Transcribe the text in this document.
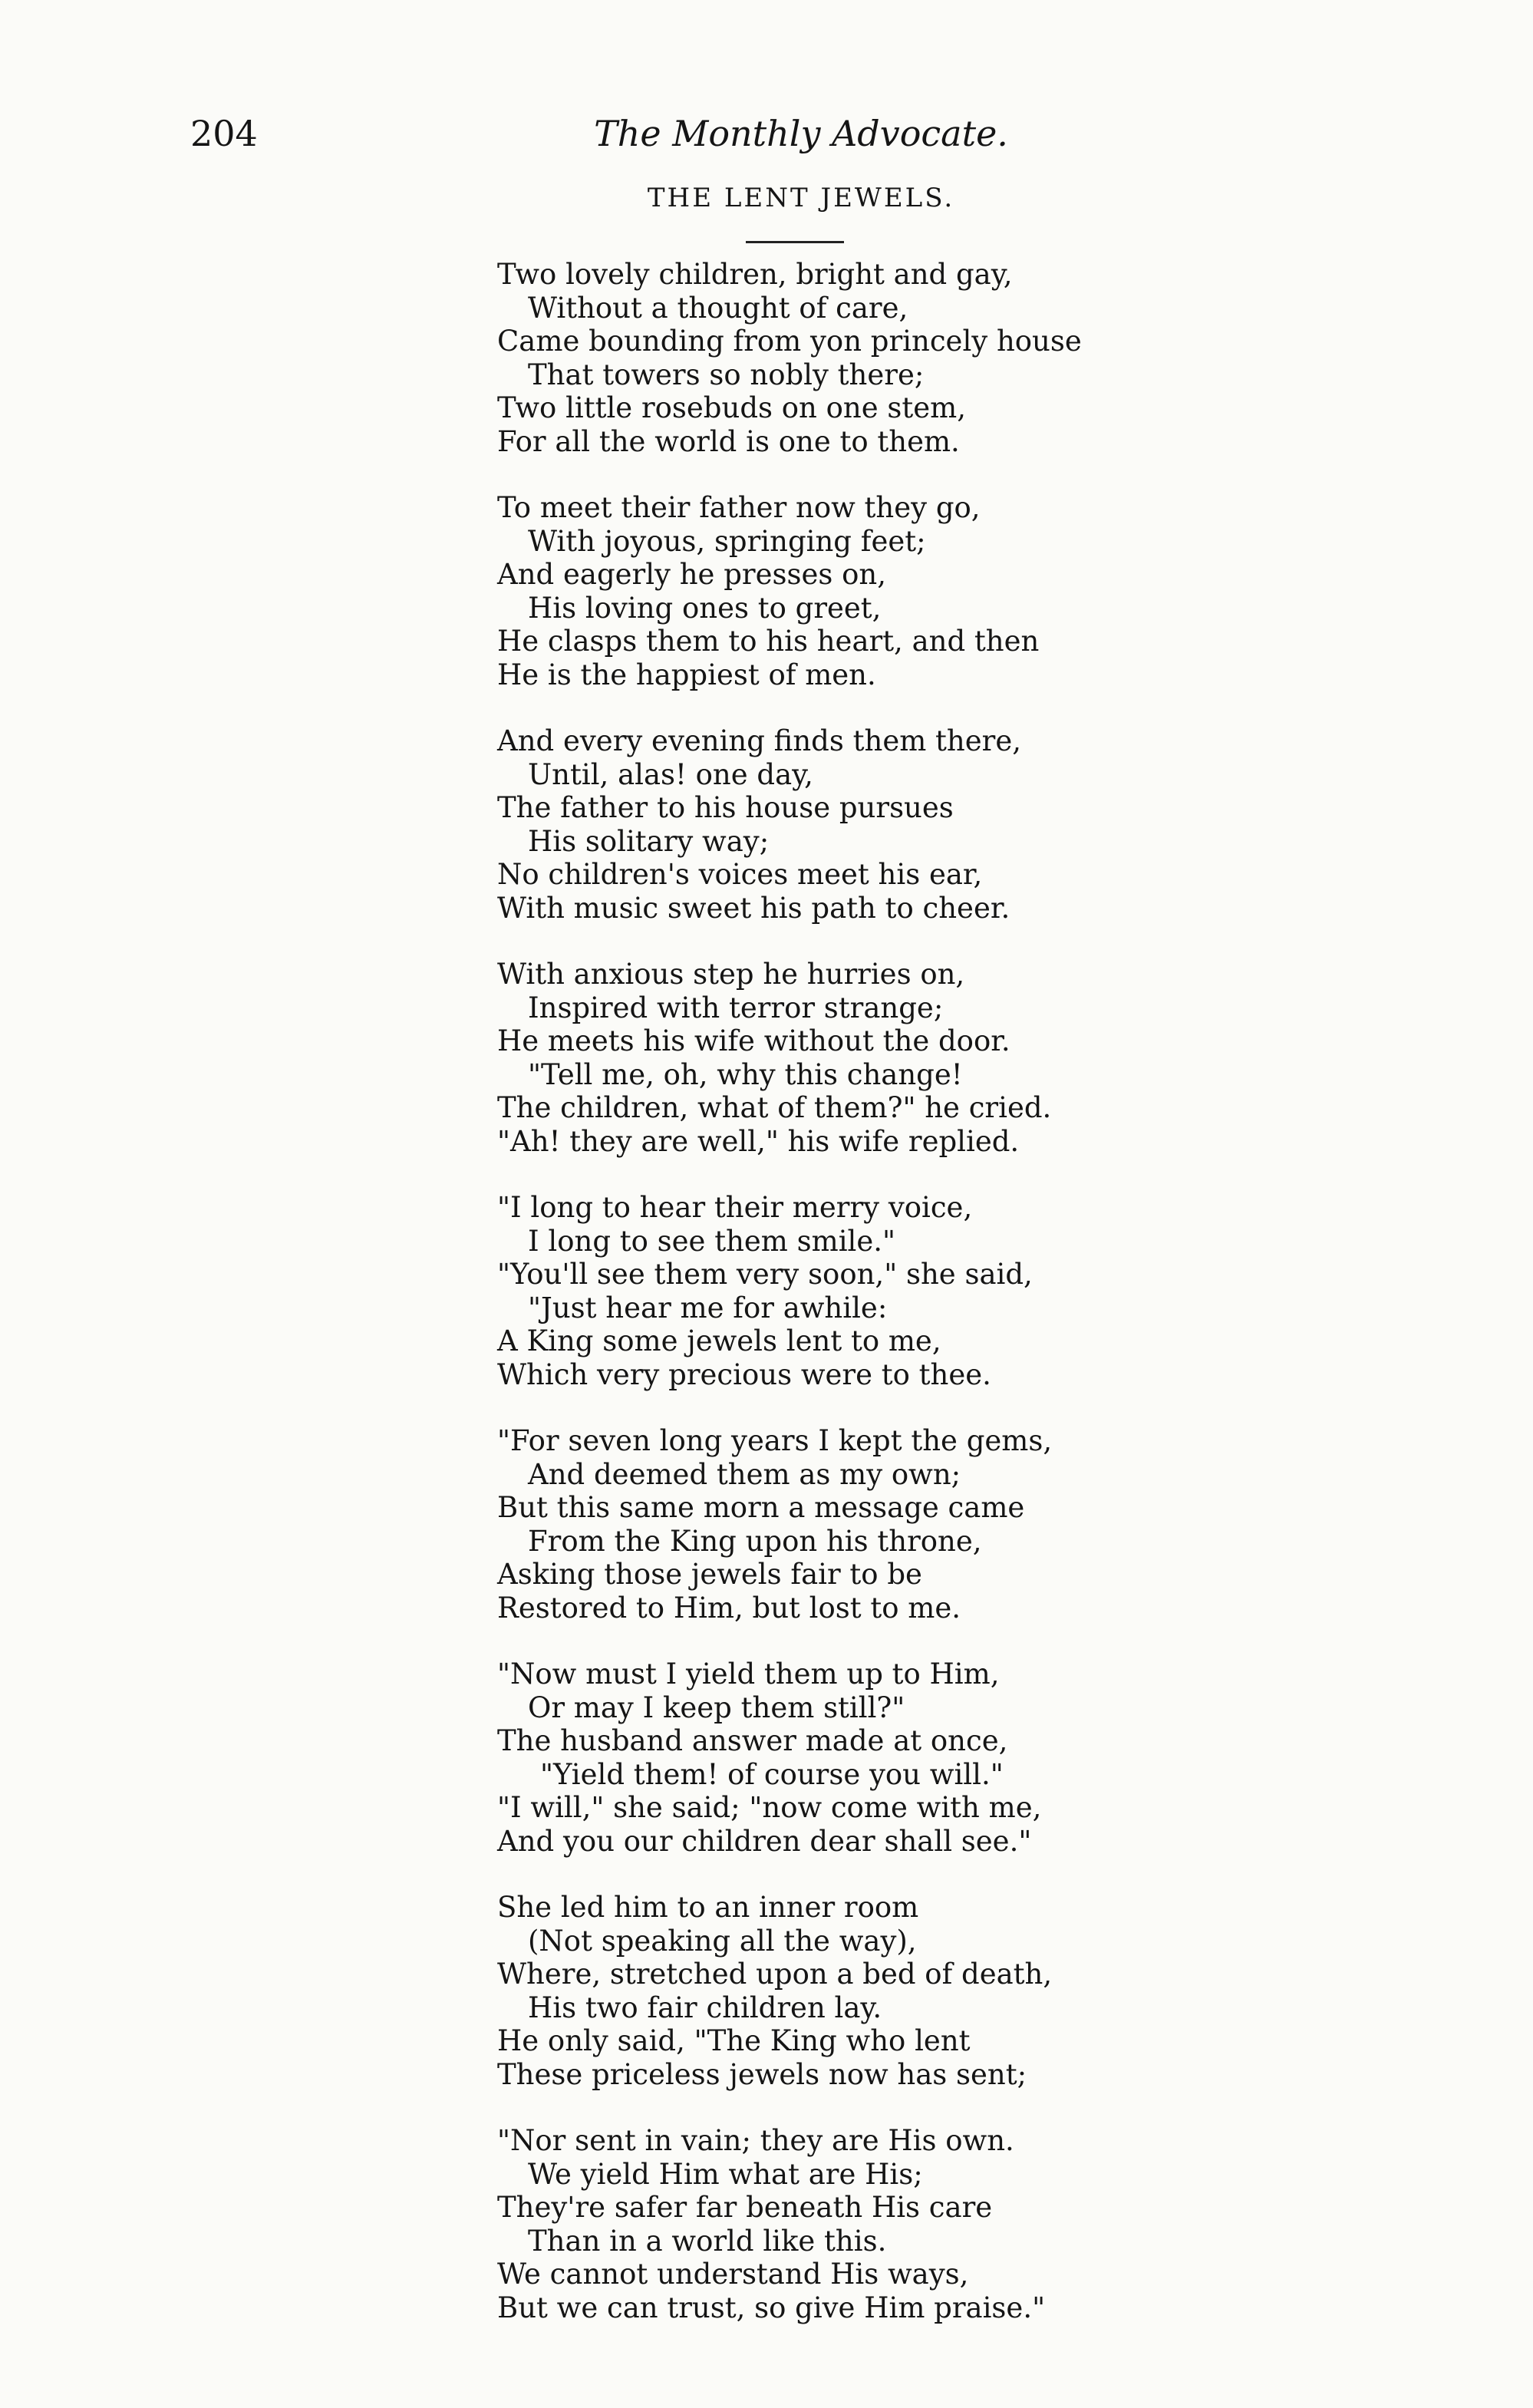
204	The Monthly Advocate.
THE LENT JEWELS.
Two lovely children, bright and gay,
Without a thought of care,
Came bounding from yon princely house
That towers so nobly there;
Two little rosebuds on one stem,
For all the world is one to them.
To meet their father now they go,
With joyous, springing feet;
And eagerly he presses on,
His loving ones to greet,
He clasps them to his heart, and then
He is the happiest of men.
And every evening finds them there,
Until, alas! one day,
The father to his house pursues
His solitary way;
No children's voices meet his ear,
With music sweet his path to cheer.
With anxious step he hurries on,
Inspired with terror strange;
He meets his wife without the door.
"Tell me, oh, why this change!
The children, what of them?" he cried.
"Ah! they are well," his wife replied.
"I long to hear their merry voice,
I long to see them smile."
"You'll see them very soon," she said,
"Just hear me for awhile:
A King some jewels lent to me,
Which very precious were to thee.
"For seven long years I kept the gems,
And deemed them as my own;
But this same morn a message came
From the King upon his throne,
Asking those jewels fair to be
Restored to Him, but lost to me.
"Now must I yield them up to Him,
Or may I keep them still?"
The husband answer made at once,
"Yield them! of course you will."
"I will," she said; "now come with me,
And you our children dear shall see."
She led him to an inner room
(Not speaking all the way),
Where, stretched upon a bed of death,
His two fair children lay.
He only said, "The King who lent
These priceless jewels now has sent;
"Nor sent in vain; they are His own.
We yield Him what are His;
They're safer far beneath His care
Than in a world like this.
We cannot understand His ways,
But we can trust, so give Him praise."
